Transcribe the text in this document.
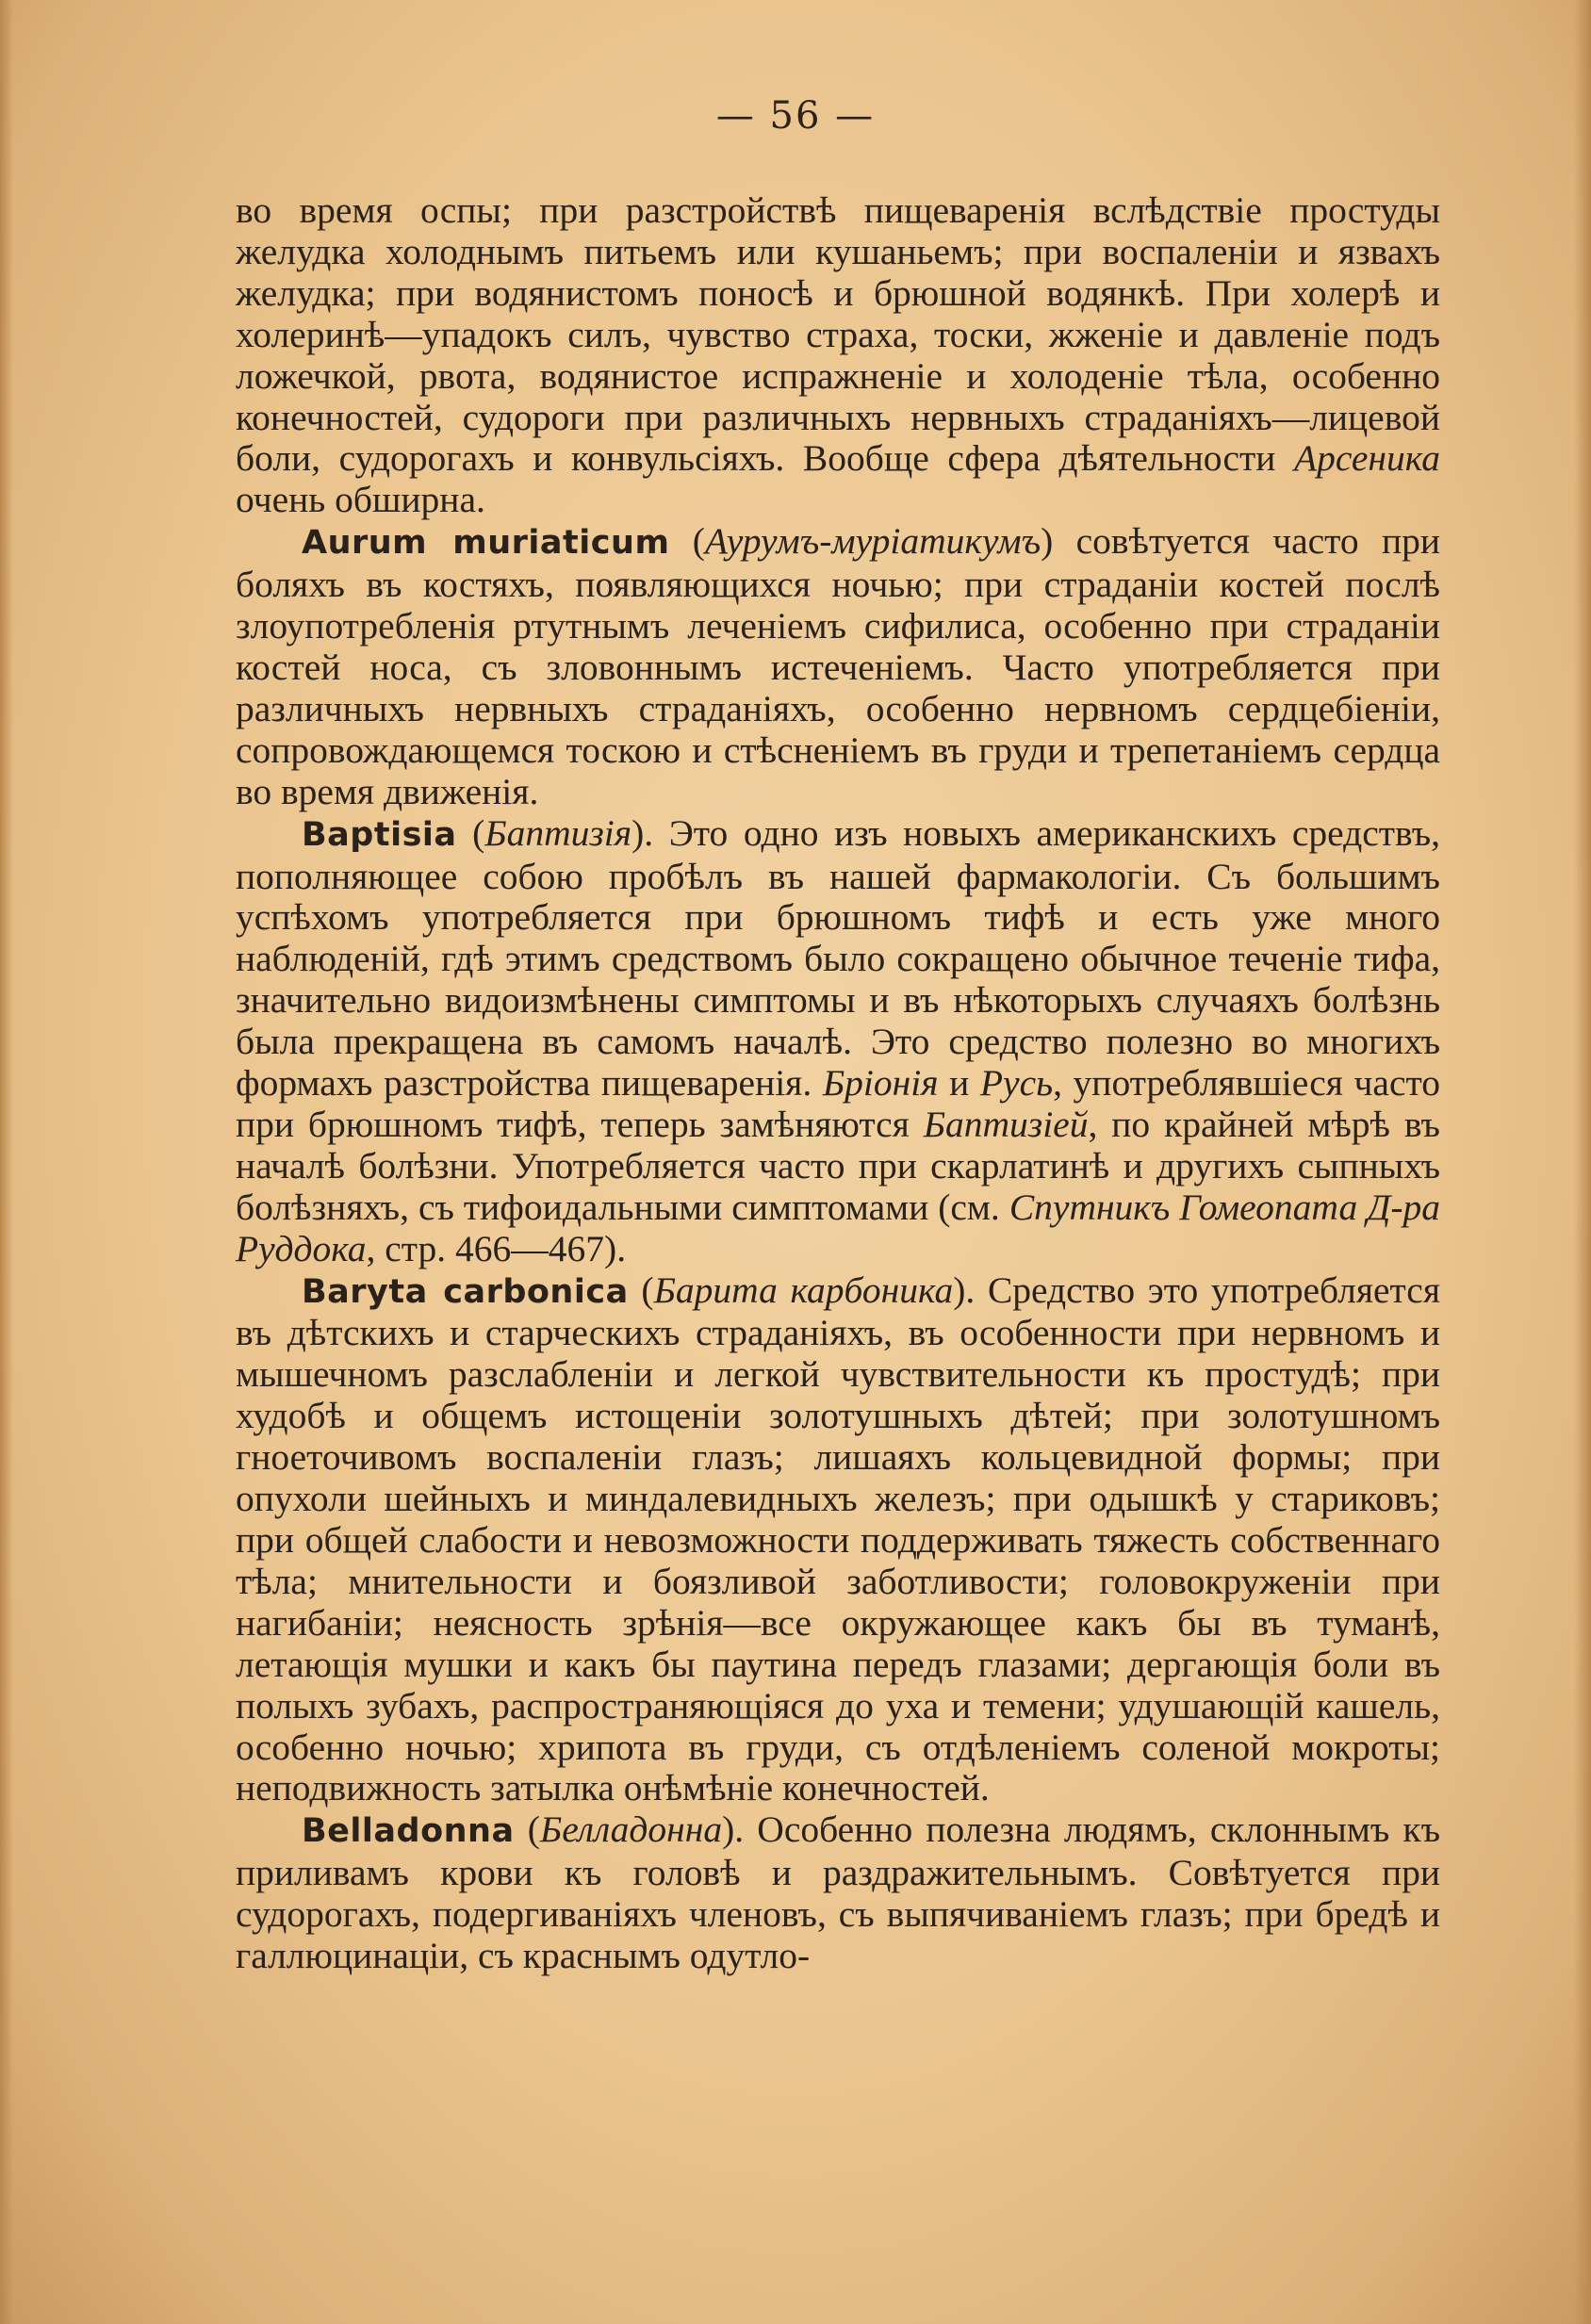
— 56 —

во время оспы; при разстройствѣ пищеваренія вслѣдствіе простуды желудка холоднымъ питьемъ или кушаньемъ; при воспаленіи и язвахъ желудка; при водянистомъ поносѣ и брюшной водянкѣ. При холерѣ и холеринѣ—упадокъ силъ, чувство страха, тоски, жженіе и давленіе подъ ложечкой, рвота, водянистое испражненіе и холоденіе тѣла, особенно конечностей, судороги при различныхъ нервныхъ страданіяхъ—лицевой боли, судорогахъ и конвульсіяхъ. Вообще сфера дѣятельности Арсеника очень обширна.

Aurum muriaticum (Аурумъ-муріатикумъ) совѣтуется часто при боляхъ въ костяхъ, появляющихся ночью; при страданіи костей послѣ злоупотребленія ртутнымъ леченіемъ сифилиса, особенно при страданіи костей носа, съ зловоннымъ истеченіемъ. Часто употребляется при различныхъ нервныхъ страданіяхъ, особенно нервномъ сердцебіеніи, сопровождающемся тоскою и стѣсненіемъ въ груди и трепетаніемъ сердца во время движенія.

Baptisia (Баптизія). Это одно изъ новыхъ американскихъ средствъ, пополняющее собою пробѣлъ въ нашей фармакологіи. Съ большимъ успѣхомъ употребляется при брюшномъ тифѣ и есть уже много наблюденій, гдѣ этимъ средствомъ было сокращено обычное теченіе тифа, значительно видоизмѣнены симптомы и въ нѣкоторыхъ случаяхъ болѣзнь была прекращена въ самомъ началѣ. Это средство полезно во многихъ формахъ разстройства пищеваренія. Бріонія и Русь, употреблявшіеся часто при брюшномъ тифѣ, теперь замѣняются Баптизіей, по крайней мѣрѣ въ началѣ болѣзни. Употребляется часто при скарлатинѣ и другихъ сыпныхъ болѣзняхъ, съ тифоидальными симптомами (см. Спутникъ Гомеопата Д-ра Руддока, стр. 466—467).

Baryta carbonica (Барита карбоника). Средство это употребляется въ дѣтскихъ и старческихъ страданіяхъ, въ особенности при нервномъ и мышечномъ разслабленіи и легкой чувствительности къ простудѣ; при худобѣ и общемъ истощеніи золотушныхъ дѣтей; при золотушномъ гноеточивомъ воспаленіи глазъ; лишаяхъ кольцевидной формы; при опухоли шейныхъ и миндалевидныхъ железъ; при одышкѣ у стариковъ; при общей слабости и невозможности поддерживать тяжесть собственнаго тѣла; мнительности и боязливой заботливости; головокруженіи при нагибаніи; неясность зрѣнія—все окружающее какъ бы въ туманѣ, летающія мушки и какъ бы паутина передъ глазами; дергающія боли въ полыхъ зубахъ, распространяющіяся до уха и темени; удушающій кашель, особенно ночью; хрипота въ груди, съ отдѣленіемъ соленой мокроты; неподвижность затылка онѣмѣніе конечностей.

Belladonna (Белладонна). Особенно полезна людямъ, склоннымъ къ приливамъ крови къ головѣ и раздражительнымъ. Совѣтуется при судорогахъ, подергиваніяхъ членовъ, съ выпячиваніемъ глазъ; при бредѣ и галлюцинаціи, съ краснымъ одутло-
